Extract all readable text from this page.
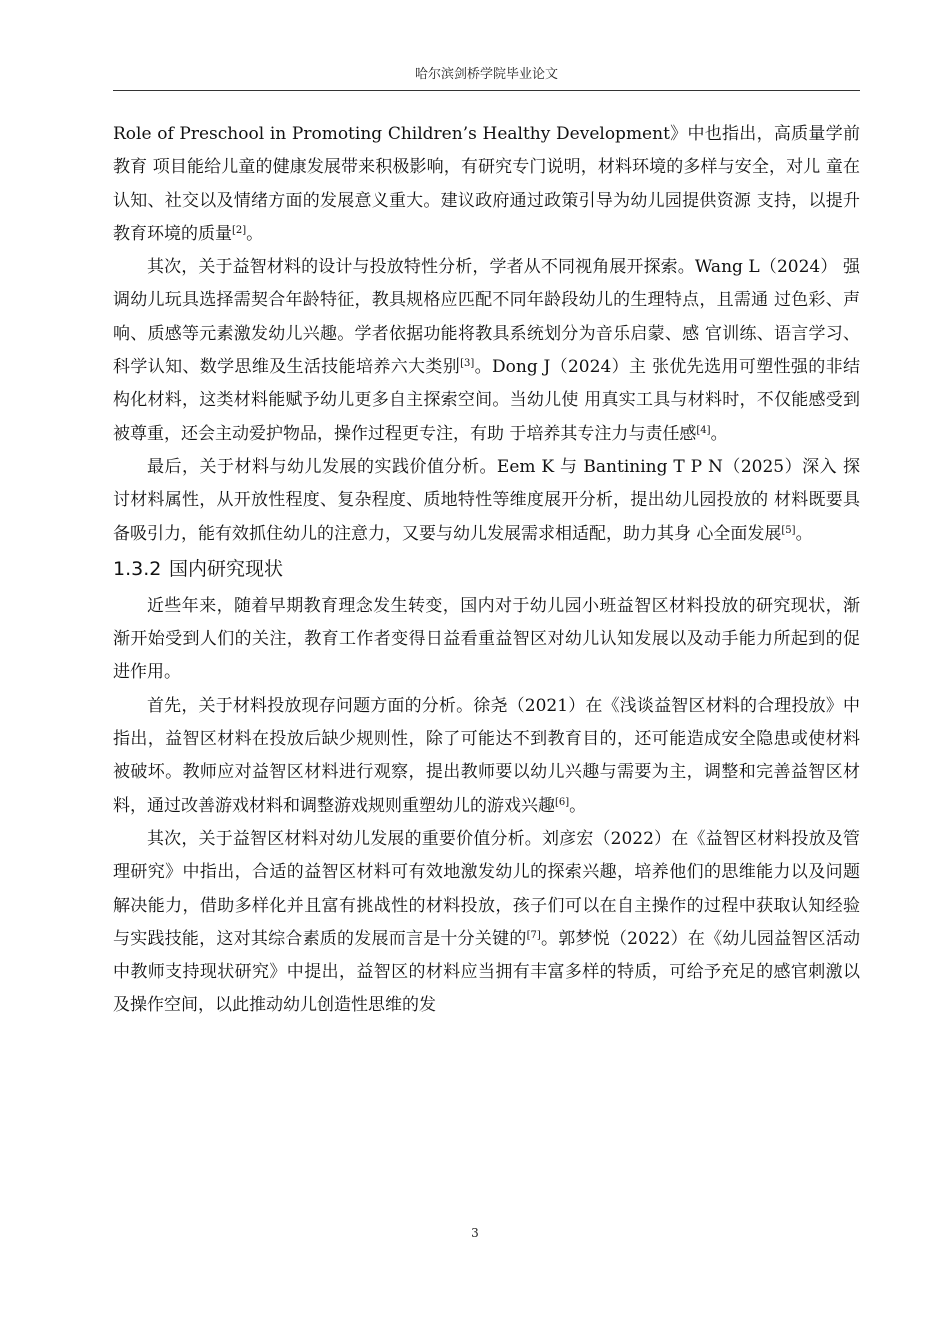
哈尔滨剑桥学院毕业论文

Role of Preschool in Promoting Children’s Healthy Development》中也指出，高质量学前教育 项目能给儿童的健康发展带来积极影响，有研究专门说明，材料环境的多样与安全，对儿 童在认知、社交以及情绪方面的发展意义重大。建议政府通过政策引导为幼儿园提供资源 支持，以提升教育环境的质量[2]。

其次，关于益智材料的设计与投放特性分析，学者从不同视角展开探索。Wang L（2024） 强调幼儿玩具选择需契合年龄特征，教具规格应匹配不同年龄段幼儿的生理特点，且需通 过色彩、声响、质感等元素激发幼儿兴趣。学者依据功能将教具系统划分为音乐启蒙、感 官训练、语言学习、科学认知、数学思维及生活技能培养六大类别[3]。Dong J（2024）主 张优先选用可塑性强的非结构化材料，这类材料能赋予幼儿更多自主探索空间。当幼儿使 用真实工具与材料时，不仅能感受到被尊重，还会主动爱护物品，操作过程更专注，有助 于培养其专注力与责任感[4]。

最后，关于材料与幼儿发展的实践价值分析。Eem K 与 Bantining T P N（2025）深入 探讨材料属性，从开放性程度、复杂程度、质地特性等维度展开分析，提出幼儿园投放的 材料既要具备吸引力，能有效抓住幼儿的注意力，又要与幼儿发展需求相适配，助力其身 心全面发展[5]。

1.3.2 国内研究现状

近些年来，随着早期教育理念发生转变，国内对于幼儿园小班益智区材料投放的研究现状，渐渐开始受到人们的关注，教育工作者变得日益看重益智区对幼儿认知发展以及动手能力所起到的促进作用。

首先，关于材料投放现存问题方面的分析。徐尧（2021）在《浅谈益智区材料的合理投放》中指出，益智区材料在投放后缺少规则性，除了可能达不到教育目的，还可能造成安全隐患或使材料被破坏。教师应对益智区材料进行观察，提出教师要以幼儿兴趣与需要为主，调整和完善益智区材料，通过改善游戏材料和调整游戏规则重塑幼儿的游戏兴趣[6]。

其次，关于益智区材料对幼儿发展的重要价值分析。刘彦宏（2022）在《益智区材料投放及管理研究》中指出，合适的益智区材料可有效地激发幼儿的探索兴趣，培养他们的思维能力以及问题解决能力，借助多样化并且富有挑战性的材料投放，孩子们可以在自主操作的过程中获取认知经验与实践技能，这对其综合素质的发展而言是十分关键的[7]。郭梦悦（2022）在《幼儿园益智区活动中教师支持现状研究》中提出，益智区的材料应当拥有丰富多样的特质，可给予充足的感官刺激以及操作空间，以此推动幼儿创造性思维的发

3
